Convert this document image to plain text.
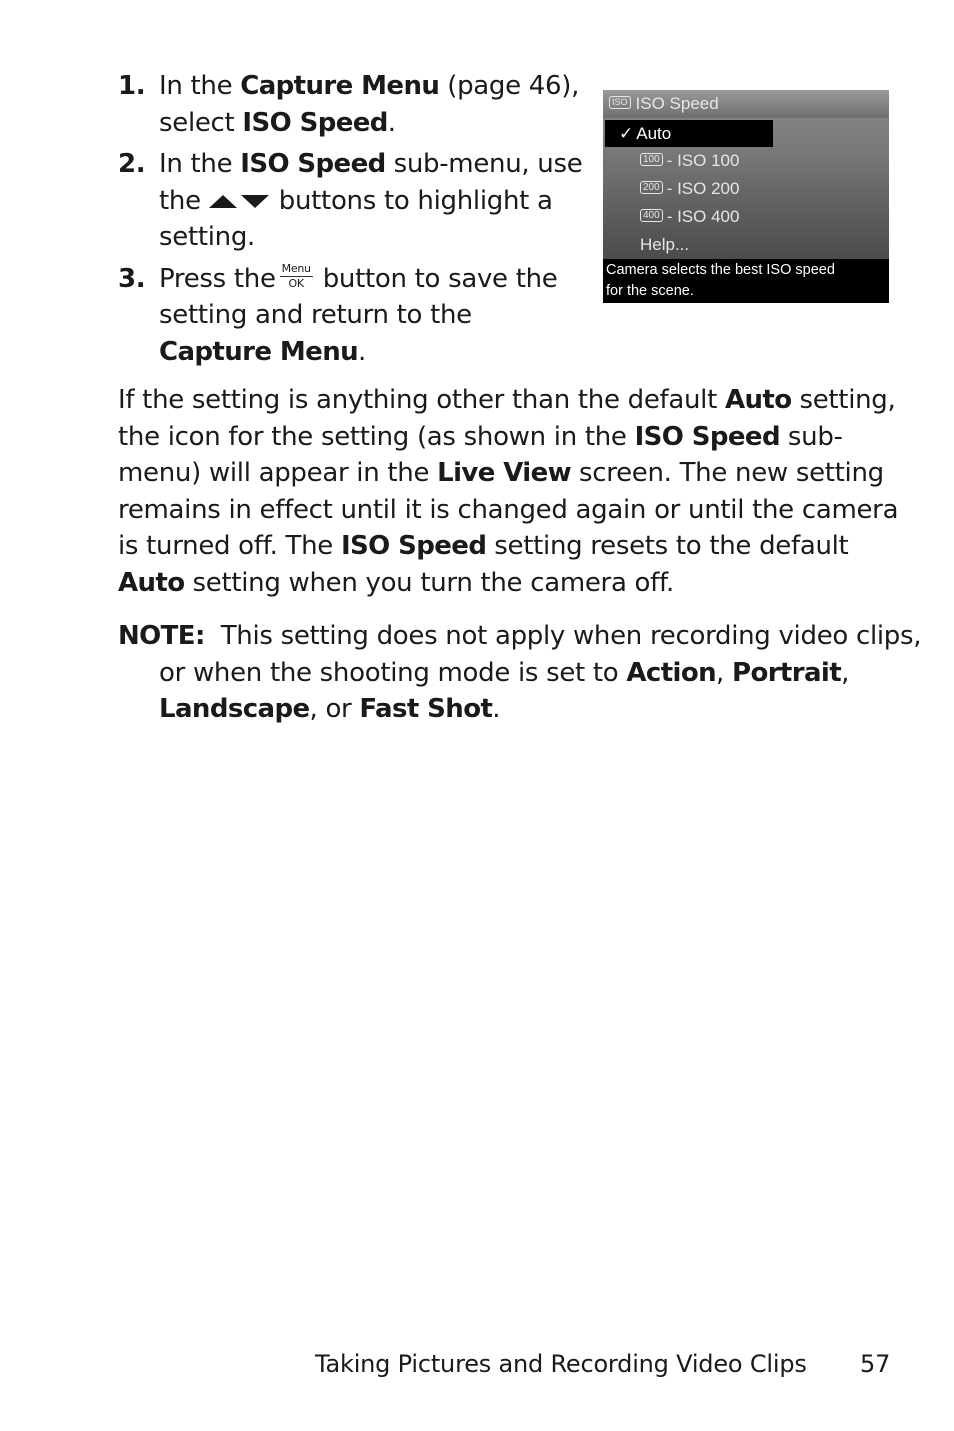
1. In the Capture Menu (page 46), select ISO Speed.
2. In the ISO Speed sub-menu, use the	buttons to highlight a setting.
3. Press the Menu
OK button to save the setting and return to the Capture Menu.
ISO ISO Speed
✓ Auto
100 - ISO 100
200 - ISO 200
400 - ISO 400
Help...
Camera selects the best ISO speed
for the scene.

If the setting is anything other than the default Auto setting, the icon for the setting (as shown in the ISO Speed sub-menu) will appear in the Live View screen. The new setting remains in effect until it is changed again or until the camera is turned off. The ISO Speed setting resets to the default Auto setting when you turn the camera off.

NOTE:  This setting does not apply when recording video clips, or when the shooting mode is set to Action, Portrait, Landscape, or Fast Shot.

Taking Pictures and Recording Video Clips 57
